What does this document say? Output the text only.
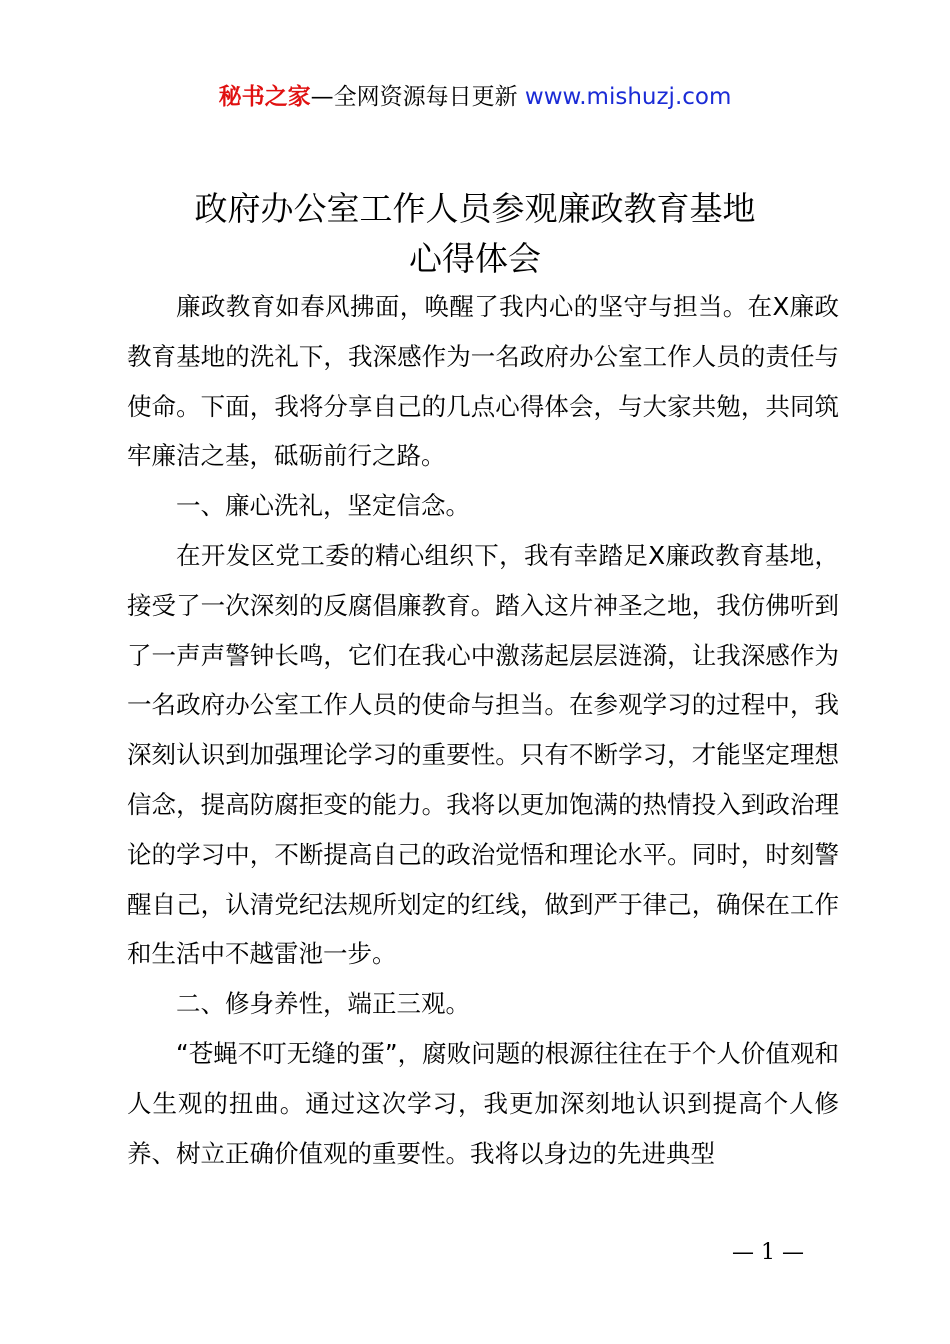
秘书之家—全网资源每日更新 www.mishuzj.com
政府办公室工作人员参观廉政教育基地
心得体会

廉政教育如春风拂面，唤醒了我内心的坚守与担当。在X廉政教育基地的洗礼下，我深感作为一名政府办公室工作人员的责任与使命。下面，我将分享自己的几点心得体会，与大家共勉，共同筑牢廉洁之基，砥砺前行之路。

一、廉心洗礼，坚定信念。

在开发区党工委的精心组织下，我有幸踏足X廉政教育基地，接受了一次深刻的反腐倡廉教育。踏入这片神圣之地，我仿佛听到了一声声警钟长鸣，它们在我心中激荡起层层涟漪，让我深感作为一名政府办公室工作人员的使命与担当。在参观学习的过程中，我深刻认识到加强理论学习的重要性。只有不断学习，才能坚定理想信念，提高防腐拒变的能力。我将以更加饱满的热情投入到政治理论的学习中，不断提高自己的政治觉悟和理论水平。同时，时刻警醒自己，认清党纪法规所划定的红线，做到严于律己，确保在工作和生活中不越雷池一步。

二、修身养性，端正三观。

“苍蝇不叮无缝的蛋”，腐败问题的根源往往在于个人价值观和人生观的扭曲。通过这次学习，我更加深刻地认识到提高个人修养、树立正确价值观的重要性。我将以身边的先进典型

— 1 —
